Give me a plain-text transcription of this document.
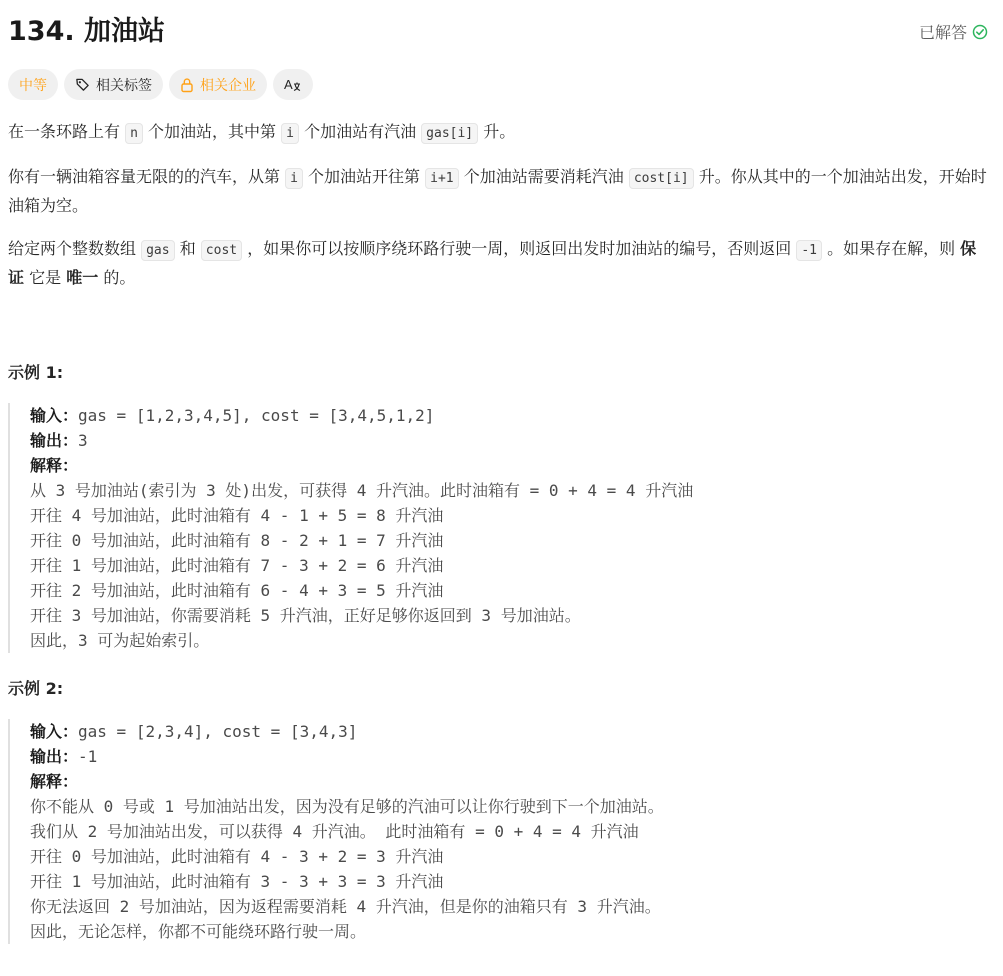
134. 加油站	已解答
中等	相关标签	相关企业 A

在一条环路上有 n 个加油站，其中第 i 个加油站有汽油 gas[i] 升。

你有一辆油箱容量无限的的汽车，从第 i 个加油站开往第 i+1 个加油站需要消耗汽油 cost[i] 升。你从其中的一个加油站出发，开始时油箱为空。

给定两个整数数组 gas 和 cost ，如果你可以按顺序绕环路行驶一周，则返回出发时加油站的编号，否则返回 -1 。如果存在解，则 保证 它是 唯一 的。

示例 1:
输入：gas = [1,2,3,4,5], cost = [3,4,5,1,2]
输出：3
解释：
从 3 号加油站(索引为 3 处)出发，可获得 4 升汽油。此时油箱有 = 0 + 4 = 4 升汽油
开往 4 号加油站，此时油箱有 4 - 1 + 5 = 8 升汽油
开往 0 号加油站，此时油箱有 8 - 2 + 1 = 7 升汽油
开往 1 号加油站，此时油箱有 7 - 3 + 2 = 6 升汽油
开往 2 号加油站，此时油箱有 6 - 4 + 3 = 5 升汽油
开往 3 号加油站，你需要消耗 5 升汽油，正好足够你返回到 3 号加油站。
因此，3 可为起始索引。
示例 2:
输入：gas = [2,3,4], cost = [3,4,3]
输出：-1
解释：
你不能从 0 号或 1 号加油站出发，因为没有足够的汽油可以让你行驶到下一个加油站。
我们从 2 号加油站出发，可以获得 4 升汽油。 此时油箱有 = 0 + 4 = 4 升汽油
开往 0 号加油站，此时油箱有 4 - 3 + 2 = 3 升汽油
开往 1 号加油站，此时油箱有 3 - 3 + 3 = 3 升汽油
你无法返回 2 号加油站，因为返程需要消耗 4 升汽油，但是你的油箱只有 3 升汽油。
因此，无论怎样，你都不可能绕环路行驶一周。
